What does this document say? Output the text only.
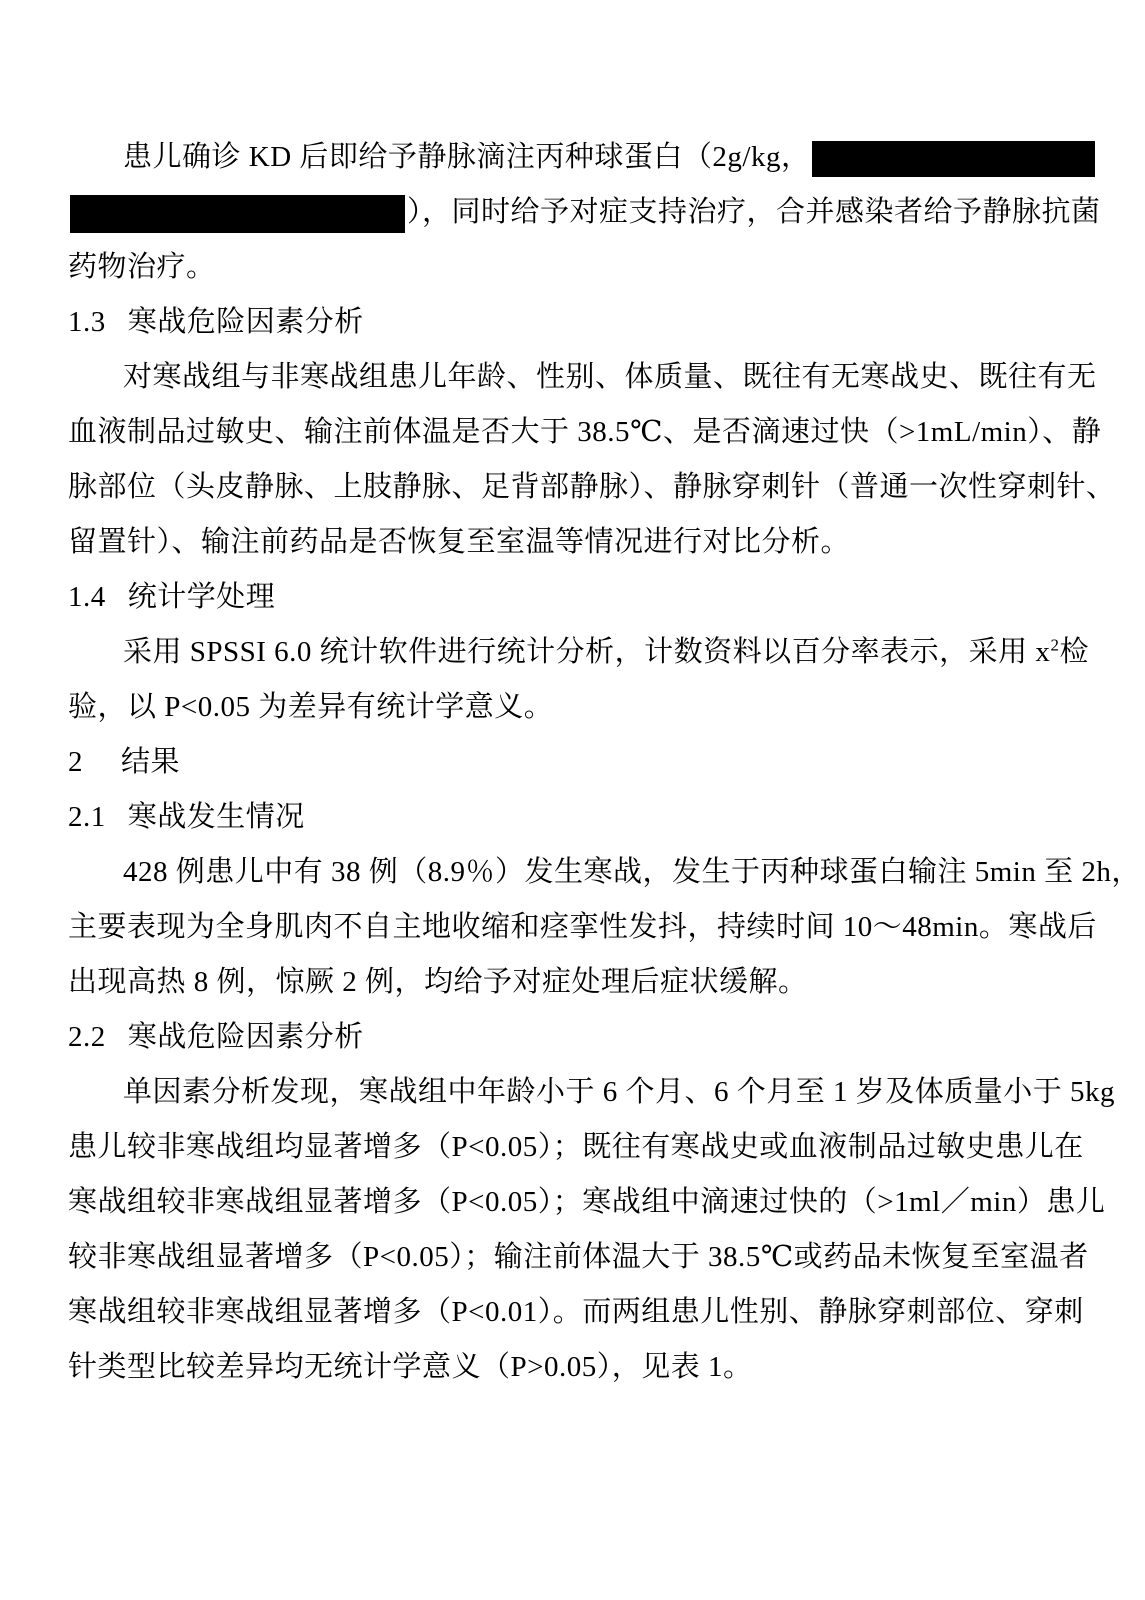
患儿确诊 KD 后即给予静脉滴注丙种球蛋白（2g/kg，
），同时给予对症支持治疗，合并感染者给予静脉抗菌
药物治疗。
1.3 寒战危险因素分析
对寒战组与非寒战组患儿年龄、性别、体质量、既往有无寒战史、既往有无
血液制品过敏史、输注前体温是否大于 38.5℃、是否滴速过快（>1mL/min）、静
脉部位（头皮静脉、上肢静脉、足背部静脉）、静脉穿刺针（普通一次性穿刺针、
留置针）、输注前药品是否恢复至室温等情况进行对比分析。
1.4 统计学处理
采用 SPSSI 6.0 统计软件进行统计分析，计数资料以百分率表示，采用 $x^2$检
验，以 P<0.05 为差异有统计学意义。
2 结果
2.1 寒战发生情况
428 例患儿中有 38 例（8.9％）发生寒战，发生于丙种球蛋白输注 5min 至 2h，
主要表现为全身肌肉不自主地收缩和痉挛性发抖，持续时间 10～48min。寒战后
出现高热 8 例，惊厥 2 例，均给予对症处理后症状缓解。
2.2 寒战危险因素分析
单因素分析发现，寒战组中年龄小于 6 个月、6 个月至 1 岁及体质量小于 5kg
患儿较非寒战组均显著增多（P<0.05）；既往有寒战史或血液制品过敏史患儿在
寒战组较非寒战组显著增多（P<0.05）；寒战组中滴速过快的（>1ml／min）患儿
较非寒战组显著增多（P<0.05）；输注前体温大于 38.5℃或药品未恢复至室温者
寒战组较非寒战组显著增多（P<0.01）。而两组患儿性别、静脉穿刺部位、穿刺
针类型比较差异均无统计学意义（P>0.05），见表 1。
